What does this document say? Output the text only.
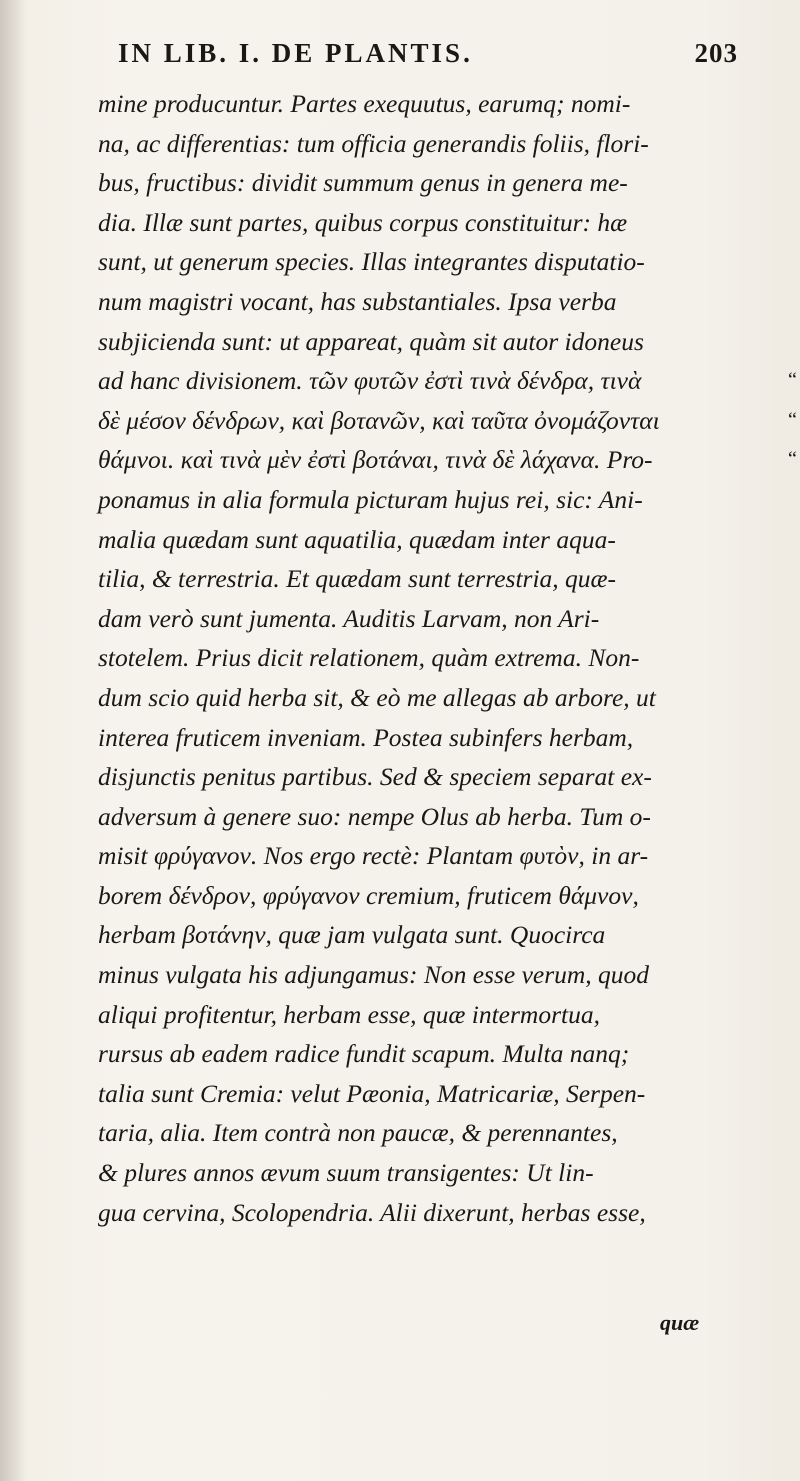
IN LIB. I. DE PLANTIS.	203
mine producuntur. Partes exequutus, earumq; nomi-
na, ac differentias: tum officia generandis foliis, flori-
bus, fructibus: dividit summum genus in genera me-
dia. Illæ sunt partes, quibus corpus constituitur: hæ
sunt, ut generum species. Illas integrantes disputatio-
num magistri vocant, has substantiales. Ipsa verba
subjicienda sunt: ut appareat, quàm sit autor idoneus
ad hanc divisionem. τῶν φυτῶν ἐστὶ τινὰ δένδρα, τινὰ	“
δὲ μέσον δένδρων, καὶ βοτανῶν, καὶ ταῦτα ὀνομάζονται	“
θάμνοι. καὶ τινὰ μὲν ἐστὶ βοτάναι, τινὰ δὲ λάχανα. Pro-	“
ponamus in alia formula picturam hujus rei, sic: Ani-
malia quædam sunt aquatilia, quædam inter aqua-
tilia, & terrestria. Et quædam sunt terrestria, quæ-
dam verò sunt jumenta. Auditis Larvam, non Ari-
stotelem. Prius dicit relationem, quàm extrema. Non-
dum scio quid herba sit, & eò me allegas ab arbore, ut
interea fruticem inveniam. Postea subinfers herbam,
disjunctis penitus partibus. Sed & speciem separat ex-
adversum à genere suo: nempe Olus ab herba. Tum o-
misit φρύγανον. Nos ergo rectè: Plantam φυτὸν, in ar-
borem δένδρον, φρύγανον cremium, fruticem θάμνον,
herbam βοτάνην, quæ jam vulgata sunt. Quocirca
minus vulgata his adjungamus: Non esse verum, quod
aliqui profitentur, herbam esse, quæ intermortua,
rursus ab eadem radice fundit scapum. Multa nanq;
talia sunt Cremia: velut Pæonia, Matricariæ, Serpen-
taria, alia. Item contrà non paucæ, & perennantes,
& plures annos ævum suum transigentes: Ut lin-
gua cervina, Scolopendria. Alii dixerunt, herbas esse,
quæ
